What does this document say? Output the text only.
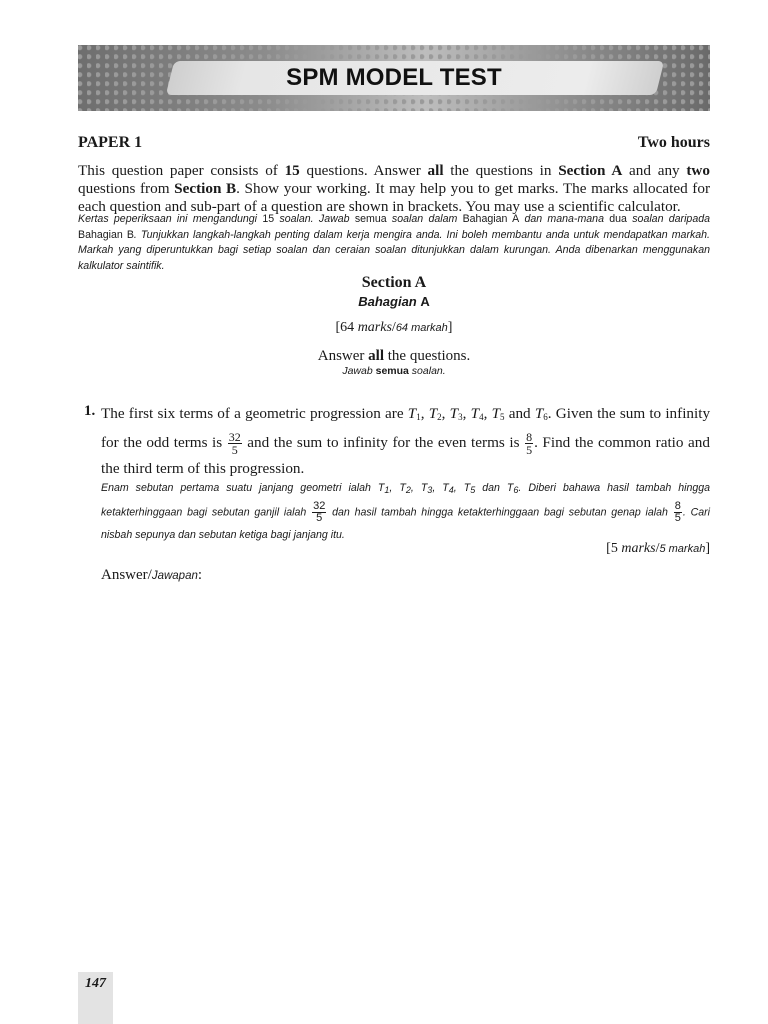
SPM MODEL TEST
PAPER 1	Two hours
This question paper consists of 15 questions. Answer all the questions in Section A and any two questions from Section B. Show your working. It may help you to get marks. The marks allocated for each question and sub-part of a question are shown in brackets. You may use a scientific calculator.
Kertas peperiksaan ini mengandungi 15 soalan. Jawab semua soalan dalam Bahagian A dan mana-mana dua soalan daripada Bahagian B. Tunjukkan langkah-langkah penting dalam kerja mengira anda. Ini boleh membantu anda untuk mendapatkan markah. Markah yang diperuntukkan bagi setiap soalan dan ceraian soalan ditunjukkan dalam kurungan. Anda dibenarkan menggunakan kalkulator saintifik.
Section A
Bahagian A
[64 marks/64 markah]
Answer all the questions.
Jawab semua soalan.
1. The first six terms of a geometric progression are $T_1$, $T_2$, $T_3$, $T_4$, $T_5$ and $T_6$. Given the sum to infinity for the odd terms is $\frac{32}{5}$ and the sum to infinity for the even terms is $\frac{8}{5}$ . Find the common ratio and the third term of this progression.
Enam sebutan pertama suatu janjang geometri ialah $T_1$, $T_2$, $T_3$, $T_4$, $T_5$ dan $T_6$. Diberi bahawa hasil tambah hingga ketakterhinggaan bagi sebutan ganjil ialah $\frac{32}{5}$ dan hasil tambah hingga ketakterhinggaan bagi sebutan genap ialah $\frac{8}{5}$ . Cari nisbah sepunya dan sebutan ketiga bagi janjang itu.
[5 marks/5 markah]
Answer/Jawapan:
147
